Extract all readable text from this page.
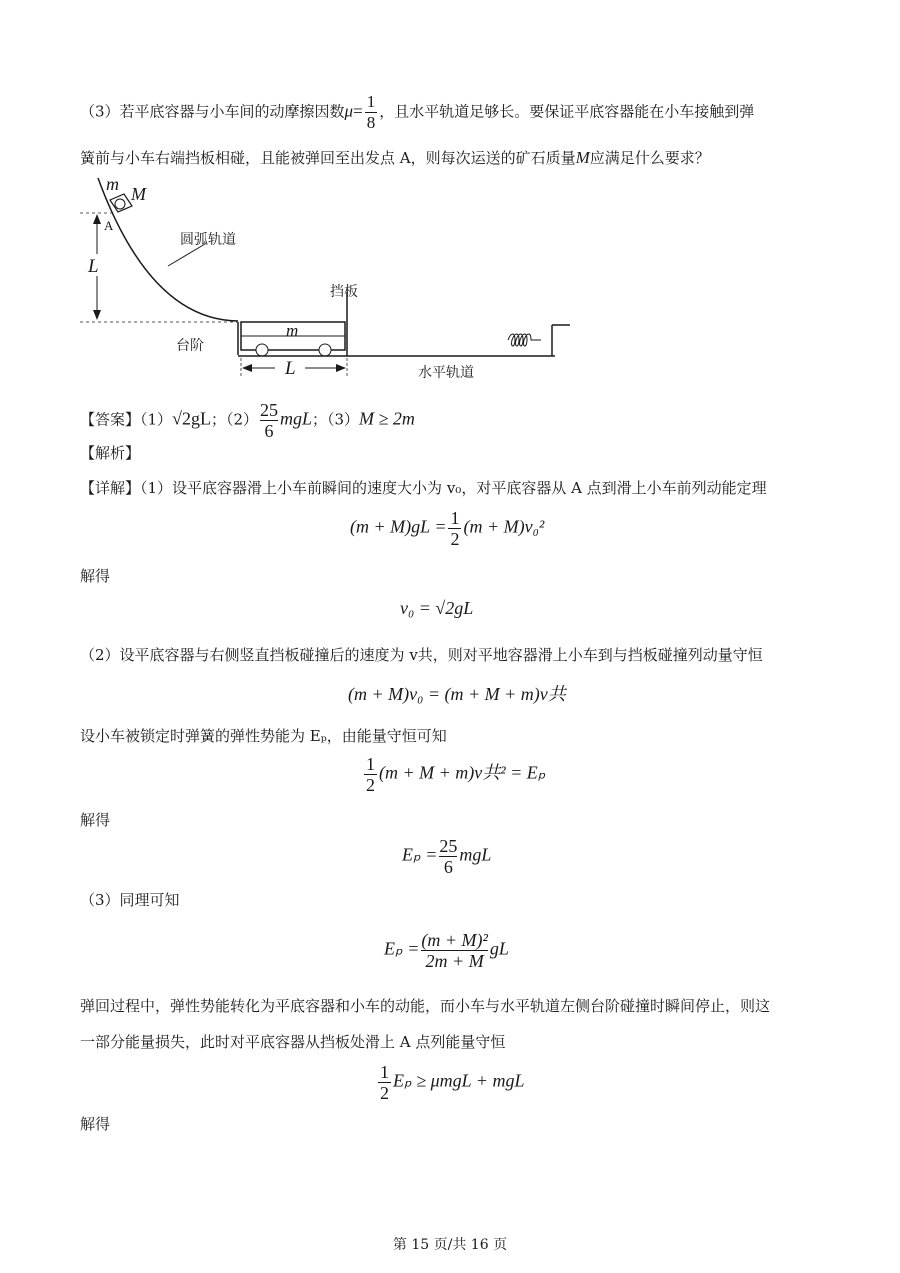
（3）若平底容器与小车间的动摩擦因数$\mu= \frac{1}{8}$ ，且水平轨道足够长。要保证平底容器能在小车接触到弹
簧前与小车右端挡板相碰，且能被弹回至出发点 A，则每次运送的矿石质量M应满足什么要求？
m M
A
圆弧轨道
L
挡板
m
台阶
L	水平轨道
【答案】（1）√2gL；$(2) \frac{25}{6}$ mgL；（3）M ≥ 2m
【解析】
【详解】（1）设平底容器滑上小车前瞬间的速度大小为 v₀，对平底容器从 A 点到滑上小车前列动能定理
$(m + M)gL = \frac{1}{2} (m + M)v_0^2$
解得
v₀ = √2gL
（2）设平底容器与右侧竖直挡板碰撞后的速度为 v共，则对平地容器滑上小车到与挡板碰撞列动量守恒
(m + M)v₀ = (m + M + m)v共
设小车被锁定时弹簧的弹性势能为 Eₚ，由能量守恒可知
$\frac{1}{2} (m + M + m)v$共² = Eₚ
解得
$E_p = \frac{25}{6}$ mgL
（3）同理可知
$E_p = \frac{\text{(m + M)²}}{2m + M}$ gL
弹回过程中，弹性势能转化为平底容器和小车的动能，而小车与水平轨道左侧台阶碰撞时瞬间停止，则这
一部分能量损失，此时对平底容器从挡板处滑上 A 点列能量守恒
$\frac{1}{2}$ Eₚ ≥ μmgL + mgL
解得
第 15 页/共 16 页
